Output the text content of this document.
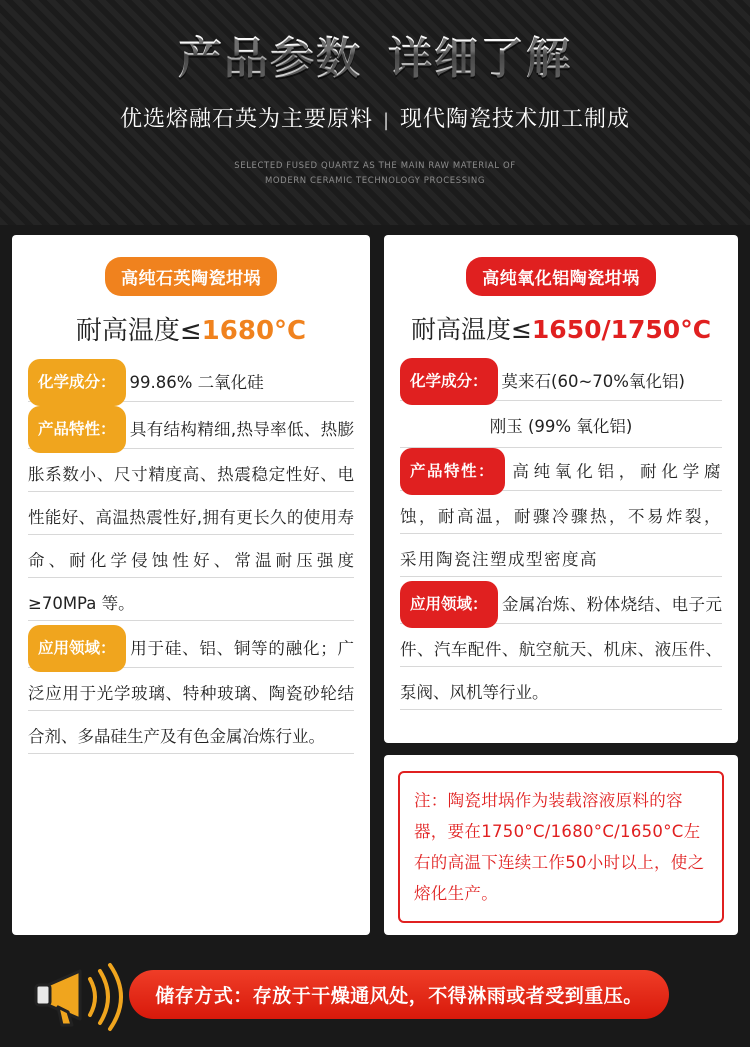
产品参数 详细了解
优选熔融石英为主要原料 | 现代陶瓷技术加工制成
SELECTED FUSED QUARTZ AS THE MAIN RAW MATERIAL OF
MODERN CERAMIC TECHNOLOGY PROCESSING
高纯石英陶瓷坩埚
耐高温度≤1680°C
化学成分： 99.86% 二氧化硅
产品特性： 具有结构精细,热导率低、热膨胀系数小、尺寸精度高、热震稳定性好、电性能好、高温热震性好,拥有更长久的使用寿命、耐化学侵蚀性好、常温耐压强度≥70MPa 等。
应用领域： 用于硅、铝、铜等的融化；广泛应用于光学玻璃、特种玻璃、陶瓷砂轮结合剂、多晶硅生产及有色金属冶炼行业。
高纯氧化铝陶瓷坩埚
耐高温度≤1650/1750°C
化学成分： 莫来石(60~70%氧化铝)
刚玉 (99% 氧化铝)
产品特性： 高纯氧化铝，耐化学腐蚀，耐高温，耐骤冷骤热，不易炸裂，采用陶瓷注塑成型密度高
应用领域： 金属冶炼、粉体烧结、电子元件、汽车配件、航空航天、机床、液压件、泵阀、风机等行业。
注：陶瓷坩埚作为装载溶液原料的容器，要在1750°C/1680°C/1650°C左右的高温下连续工作50小时以上，使之熔化生产。
储存方式：存放于干燥通风处，不得淋雨或者受到重压。
